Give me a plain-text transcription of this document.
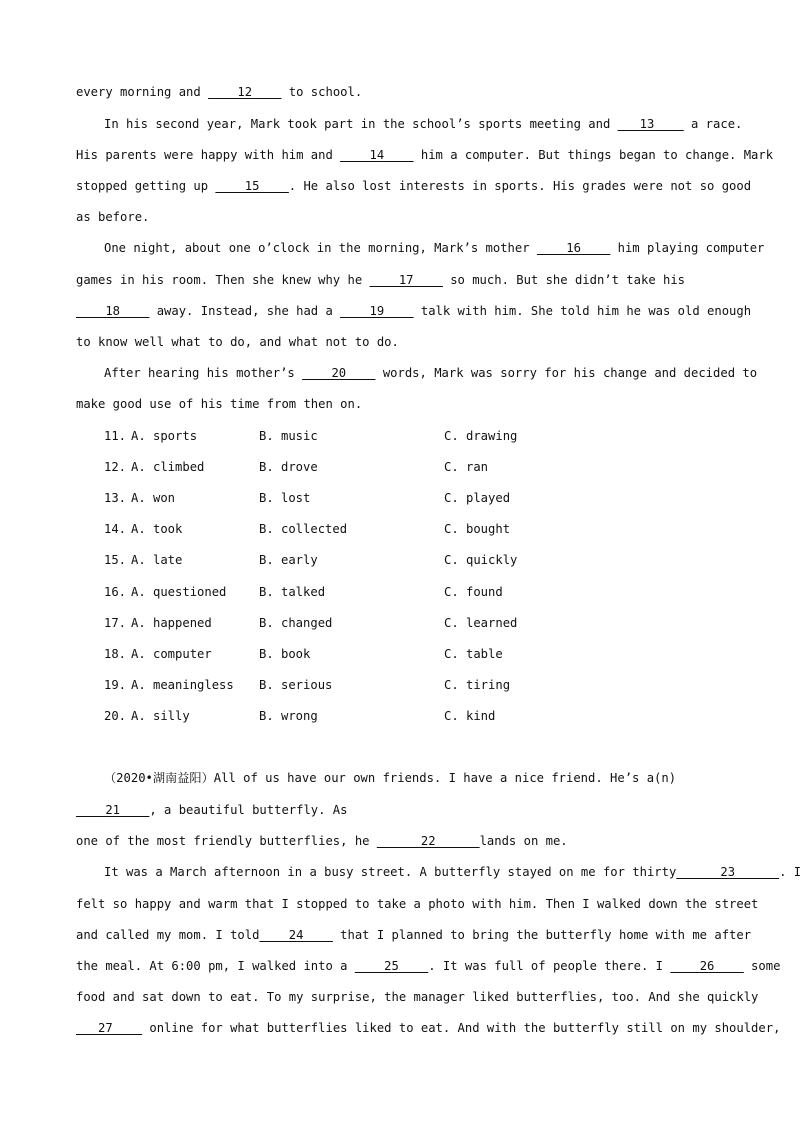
every morning and ____12____ to school.
In his second year, Mark took part in the school’s sports meeting and ___13____ a race.
His parents were happy with him and ____14____ him a computer. But things began to change. Mark
stopped getting up ____15____. He also lost interests in sports. His grades were not so good
as before.
One night, about one o’clock in the morning, Mark’s mother ____16____ him playing computer
games in his room. Then she knew why he ____17____ so much. But she didn’t take his
____18____ away. Instead, she had a ____19____ talk with him. She told him he was old enough
to know well what to do, and what not to do.
After hearing his mother’s ____20____ words, Mark was sorry for his change and decided to
make good use of his time from then on.
11. A. sports	B. music	C. drawing
12. A. climbed	B. drove	C. ran
13. A. won	B. lost	C. played
14. A. took	B. collected	C. bought
15. A. late	B. early	C. quickly
16. A. questioned	B. talked	C. found
17. A. happened	B. changed	C. learned
18. A. computer	B. book	C. table
19. A. meaningless B. serious	C. tiring
20. A. silly	B. wrong	C. kind
（2020•湖南益阳）All of us have our own friends. I have a nice friend. He’s a(n)
____21____, a beautiful butterfly. As
one of the most friendly butterflies, he ______22______lands on me.
It was a March afternoon in a busy street. A butterfly stayed on me for thirty______23______. I
felt so happy and warm that I stopped to take a photo with him. Then I walked down the street
and called my mom. I told____24____ that I planned to bring the butterfly home with me after
the meal. At 6:00 pm, I walked into a ____25____. It was full of people there. I ____26____ some
food and sat down to eat. To my surprise, the manager liked butterflies, too. And she quickly
___27____ online for what butterflies liked to eat. And with the butterfly still on my shoulder,
